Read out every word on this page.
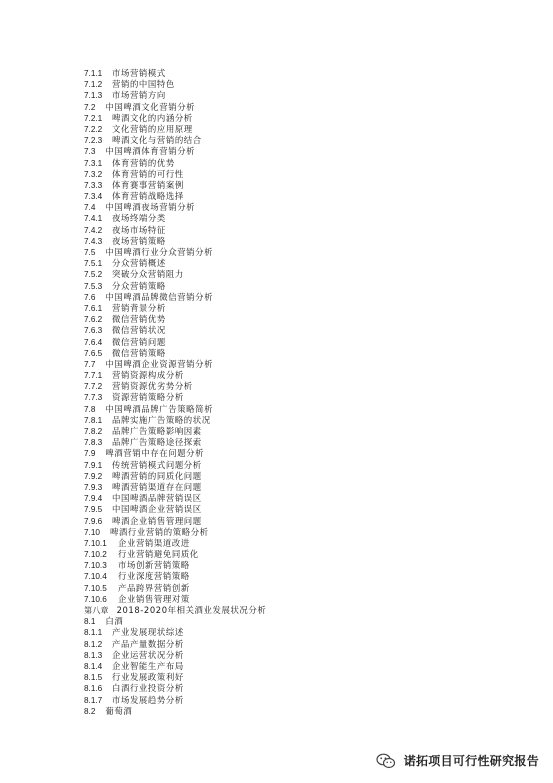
7.1.1	市场营销模式
7.1.2	营销的中国特色
7.1.3	市场营销方向
7.2 中国啤酒文化营销分析
7.2.1	啤酒文化的内涵分析
7.2.2	文化营销的应用原理
7.2.3	啤酒文化与营销的结合
7.3 中国啤酒体育营销分析
7.3.1	体育营销的优势
7.3.2	体育营销的可行性
7.3.3	体育赛事营销案例
7.3.4	体育营销战略选择
7.4 中国啤酒夜场营销分析
7.4.1	夜场终端分类
7.4.2	夜场市场特征
7.4.3	夜场营销策略
7.5 中国啤酒行业分众营销分析
7.5.1	分众营销概述
7.5.2	突破分众营销阻力
7.5.3	分众营销策略
7.6 中国啤酒品牌微信营销分析
7.6.1	营销背景分析
7.6.2	微信营销优势
7.6.3	微信营销状况
7.6.4	微信营销问题
7.6.5	微信营销策略
7.7 中国啤酒企业资源营销分析
7.7.1	营销资源构成分析
7.7.2	营销资源优劣势分析
7.7.3	资源营销策略分析
7.8 中国啤酒品牌广告策略简析
7.8.1	品牌实施广告策略的状况
7.8.2	品牌广告策略影响因素
7.8.3	品牌广告策略途径探索
7.9 啤酒营销中存在问题分析
7.9.1	传统营销模式问题分析
7.9.2	啤酒营销的同质化问题
7.9.3	啤酒营销渠道存在问题
7.9.4	中国啤酒品牌营销误区
7.9.5	中国啤酒企业营销误区
7.9.6	啤酒企业销售管理问题
7.10 啤酒行业营销的策略分析
7.10.1	企业营销渠道改进
7.10.2	行业营销避免同质化
7.10.3	市场创新营销策略
7.10.4	行业深度营销策略
7.10.5	产品跨界营销创新
7.10.6	企业销售管理对策
第八章 2018-2020年相关酒业发展状况分析
8.1 白酒
8.1.1	产业发展现状综述
8.1.2	产品产量数据分析
8.1.3	企业运营状况分析
8.1.4	企业智能生产布局
8.1.5	行业发展政策利好
8.1.6	白酒行业投资分析
8.1.7	市场发展趋势分析
8.2 葡萄酒
诺拓项目可行性研究报告
